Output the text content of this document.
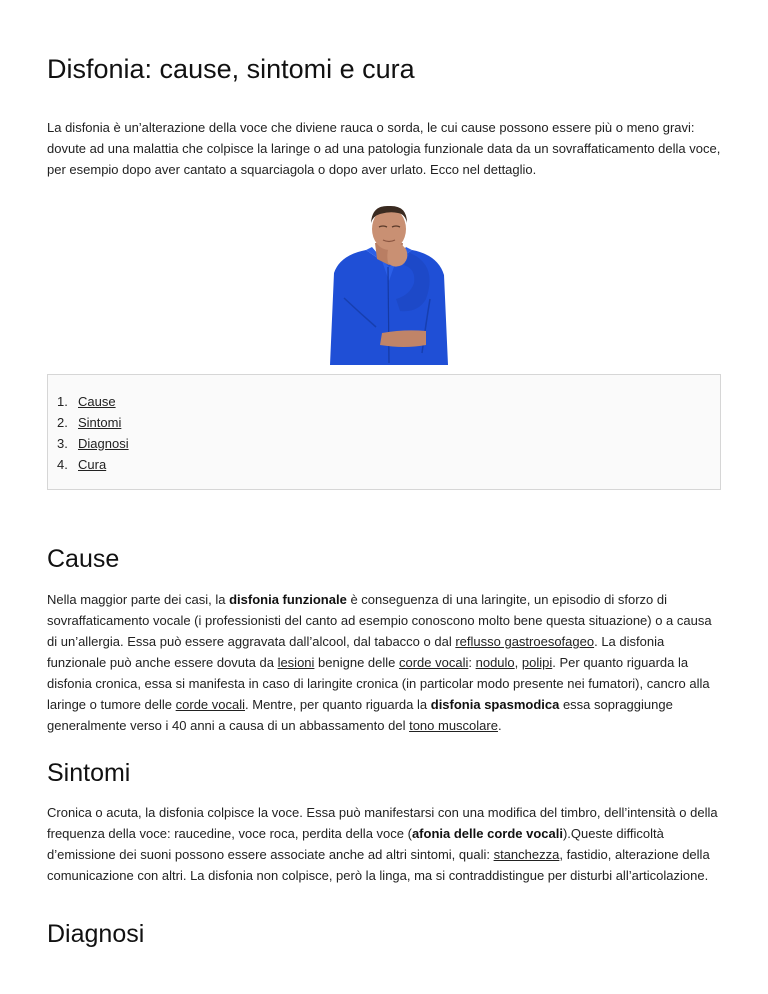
Disfonia: cause, sintomi e cura

La disfonia è un’alterazione della voce che diviene rauca o sorda, le cui cause possono essere più o meno gravi: dovute ad una malattia che colpisce la laringe o ad una patologia funzionale data da un sovraffaticamento della voce, per esempio dopo aver cantato a squarciagola o dopo aver urlato. Ecco nel dettaglio.

1. Cause
2. Sintomi
3. Diagnosi
4. Cura
Cause

Nella maggior parte dei casi, la disfonia funzionale è conseguenza di una laringite, un episodio di sforzo di sovraffaticamento vocale (i professionisti del canto ad esempio conoscono molto bene questa situazione) o a causa di un’allergia. Essa può essere aggravata dall’alcool, dal tabacco o dal reflusso gastroesofageo. La disfonia funzionale può anche essere dovuta da lesioni benigne delle corde vocali: nodulo, polipi. Per quanto riguarda la disfonia cronica, essa si manifesta in caso di laringite cronica (in particolar modo presente nei fumatori), cancro alla laringe o tumore delle corde vocali. Mentre, per quanto riguarda la disfonia spasmodica essa sopraggiunge generalmente verso i 40 anni a causa di un abbassamento del tono muscolare.

Sintomi

Cronica o acuta, la disfonia colpisce la voce. Essa può manifestarsi con una modifica del timbro, dell’intensità o della frequenza della voce: raucedine, voce roca, perdita della voce (afonia delle corde vocali).Queste difficoltà d’emissione dei suoni possono essere associate anche ad altri sintomi, quali: stanchezza, fastidio, alterazione della comunicazione con altri. La disfonia non colpisce, però la linga, ma si contraddistingue per disturbi all’articolazione.

Diagnosi
